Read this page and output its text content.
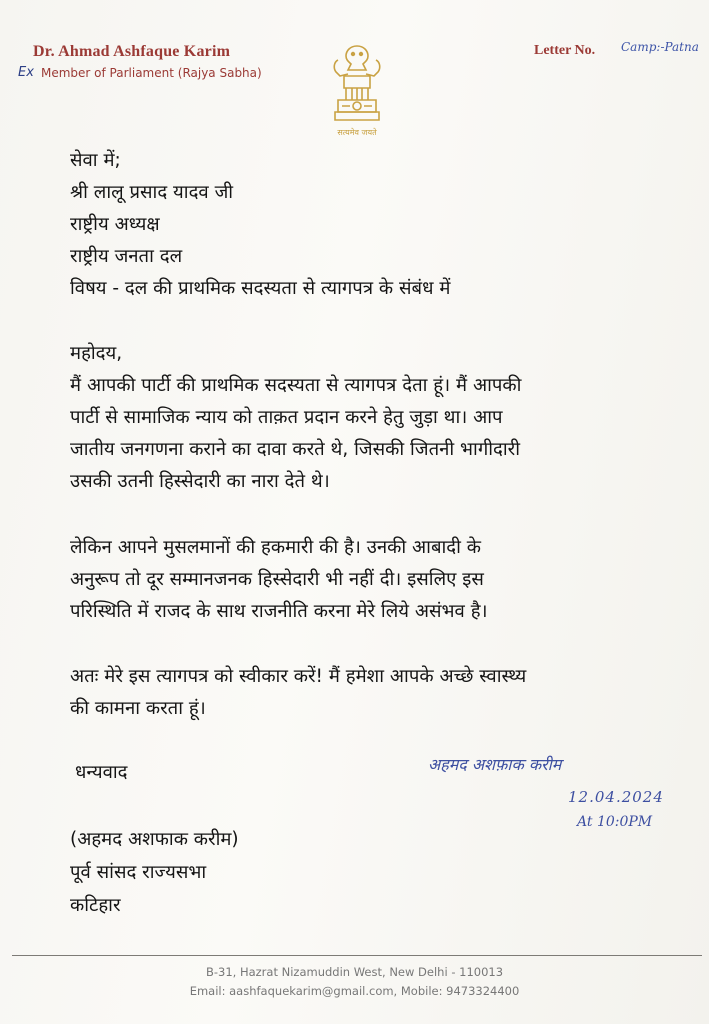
Dr. Ahmad Ashfaque Karim
Ex Member of Parliament (Rajya Sabha)
सत्यमेव जयते
Letter No. Camp:-Patna
सेवा में;
श्री लालू प्रसाद यादव जी
राष्ट्रीय अध्यक्ष
राष्ट्रीय जनता दल
विषय - दल की प्राथमिक सदस्यता से त्यागपत्र के संबंध में
महोदय,
मैं आपकी पार्टी की प्राथमिक सदस्यता से त्यागपत्र देता हूं। मैं आपकी
पार्टी से सामाजिक न्याय को ताक़त प्रदान करने हेतु जुड़ा था। आप
जातीय जनगणना कराने का दावा करते थे, जिसकी जितनी भागीदारी
उसकी उतनी हिस्सेदारी का नारा देते थे।
लेकिन आपने मुसलमानों की हकमारी की है। उनकी आबादी के
अनुरूप तो दूर सम्मानजनक हिस्सेदारी भी नहीं दी। इसलिए इस
परिस्थिति में राजद के साथ राजनीति करना मेरे लिये असंभव है।
अतः मेरे इस त्यागपत्र को स्वीकार करें! मैं हमेशा आपके अच्छे स्वास्थ्य
की कामना करता हूं।
धन्यवाद	अहमद अशफ़ाक करीम
12.04.2024
At 10:0PM
(अहमद अशफाक करीम)
पूर्व सांसद राज्यसभा
कटिहार
B-31, Hazrat Nizamuddin West, New Delhi - 110013
Email: aashfaquekarim@gmail.com, Mobile: 9473324400
